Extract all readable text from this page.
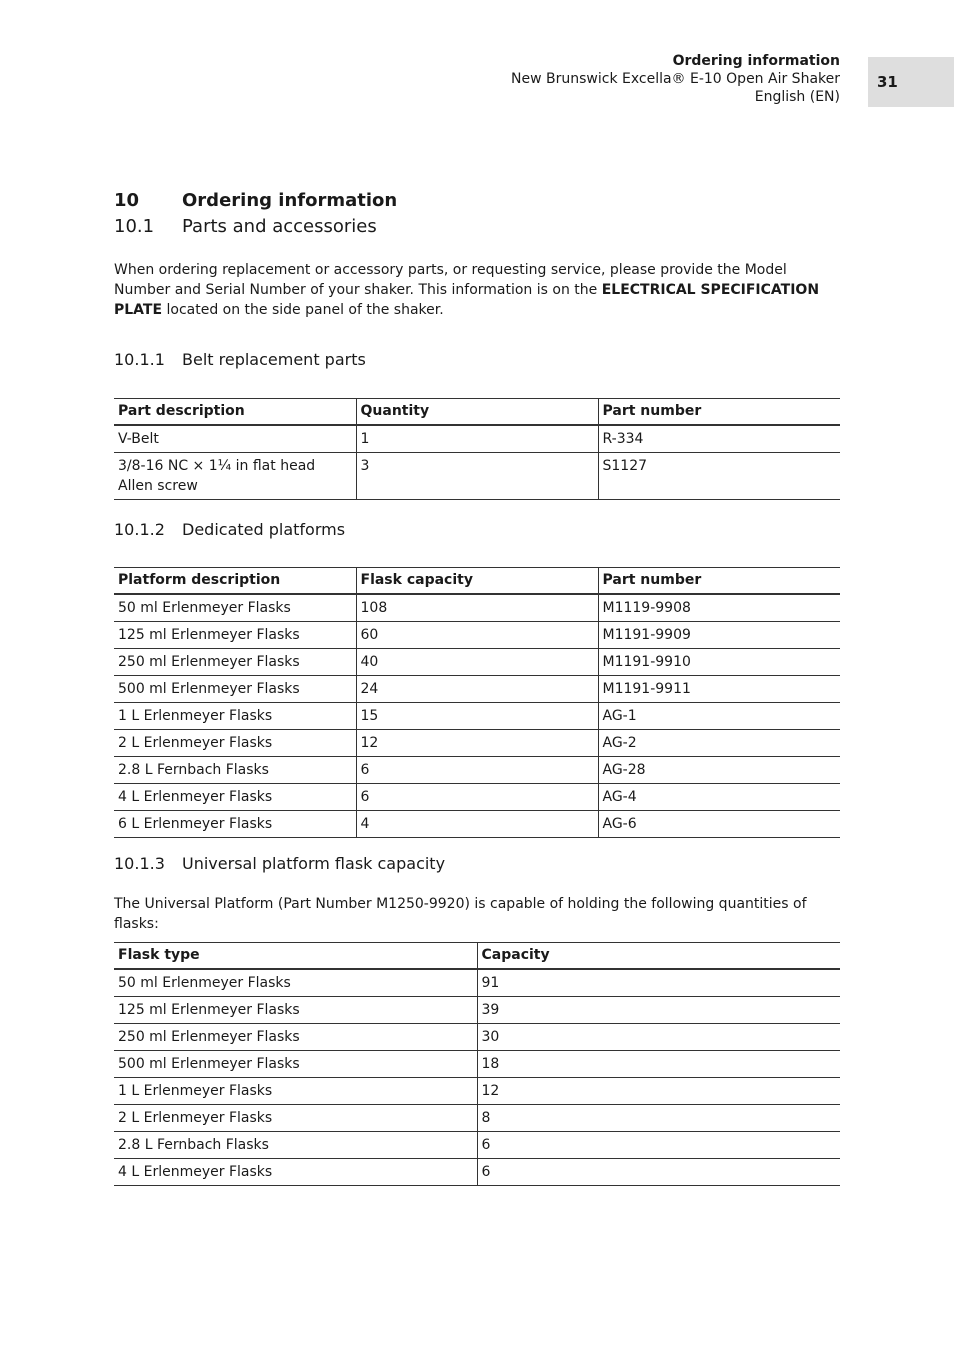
Ordering information
New Brunswick Excella® E-10 Open Air Shaker
English (EN)
31
10 Ordering information
10.1 Parts and accessories

When ordering replacement or accessory parts, or requesting service, please provide the Model Number and Serial Number of your shaker. This information is on the ELECTRICAL SPECIFICATION PLATE located on the side panel of the shaker.

10.1.1 Belt replacement parts
Part description	Quantity	Part number
V-Belt	1	R-334
3/8-16 NC × 1¼ in flat head Allen screw	3	S1127
10.1.2 Dedicated platforms
Platform description	Flask capacity	Part number
50 ml Erlenmeyer Flasks	108	M1119-9908
125 ml Erlenmeyer Flasks	60	M1191-9909
250 ml Erlenmeyer Flasks	40	M1191-9910
500 ml Erlenmeyer Flasks	24	M1191-9911
1 L Erlenmeyer Flasks	15	AG-1
2 L Erlenmeyer Flasks	12	AG-2
2.8 L Fernbach Flasks	6	AG-28
4 L Erlenmeyer Flasks	6	AG-4
6 L Erlenmeyer Flasks	4	AG-6
10.1.3 Universal platform flask capacity

The Universal Platform (Part Number M1250-9920) is capable of holding the following quantities of flasks:

Flask type	Capacity
50 ml Erlenmeyer Flasks	91
125 ml Erlenmeyer Flasks	39
250 ml Erlenmeyer Flasks	30
500 ml Erlenmeyer Flasks	18
1 L Erlenmeyer Flasks	12
2 L Erlenmeyer Flasks	8
2.8 L Fernbach Flasks	6
4 L Erlenmeyer Flasks	6
